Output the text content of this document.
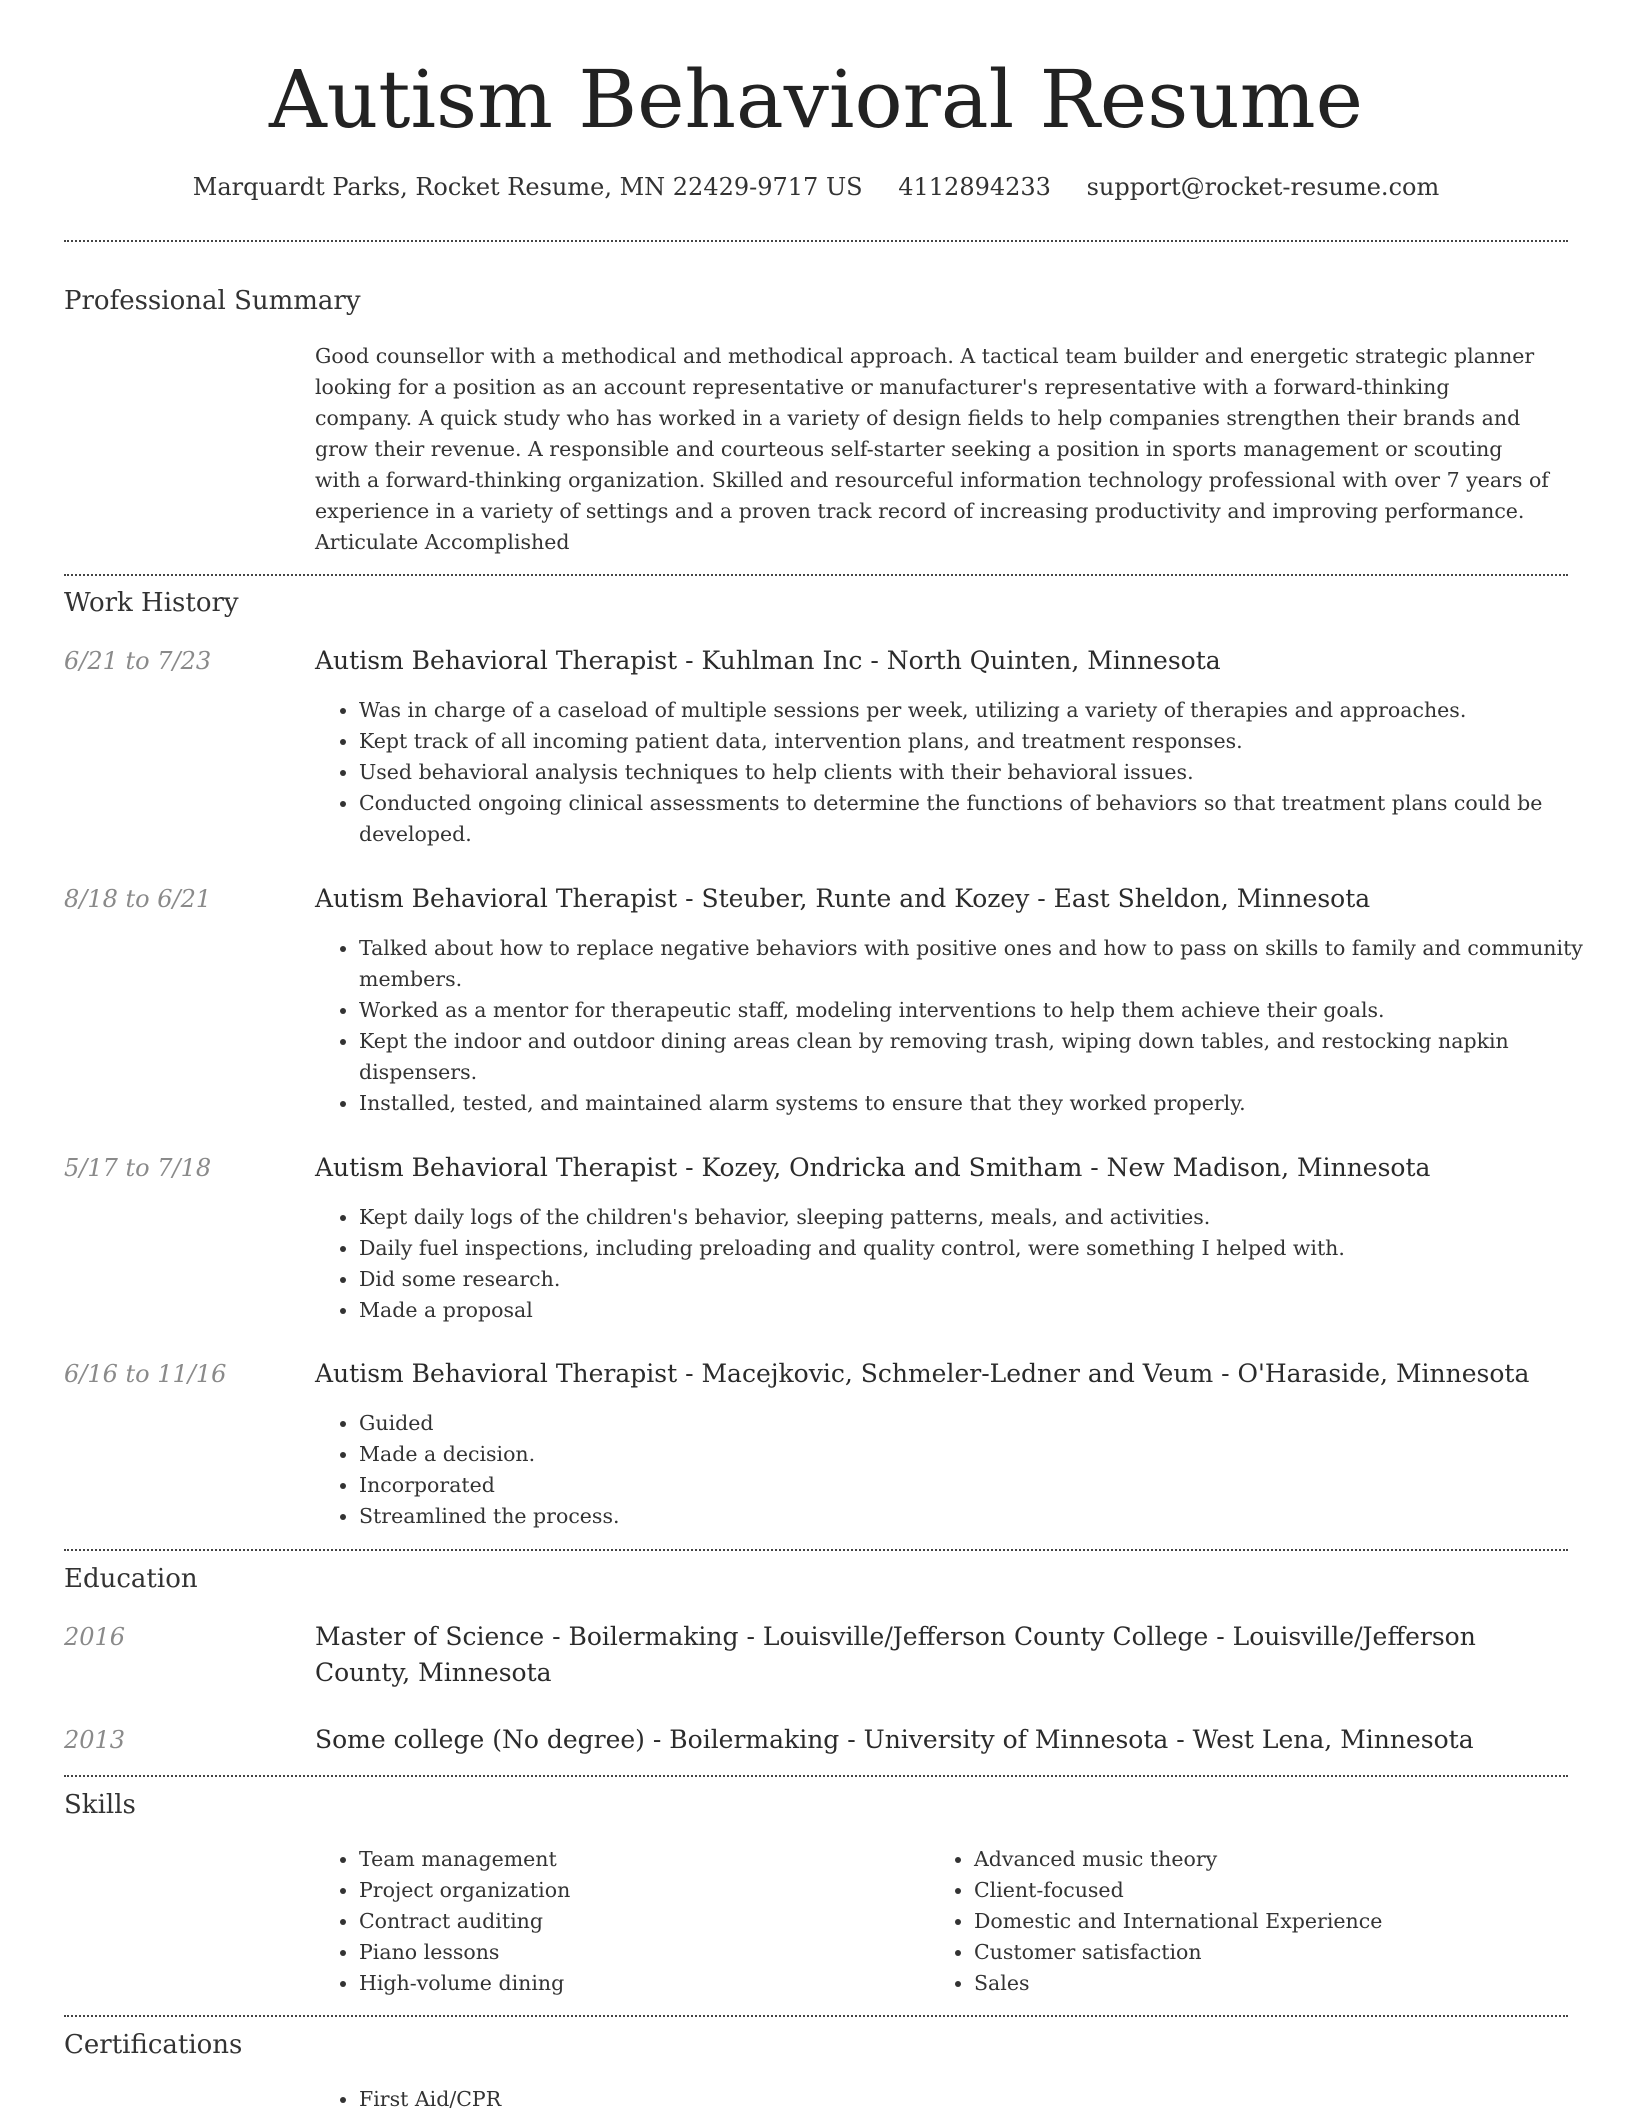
Autism Behavioral Resume
Marquardt Parks, Rocket Resume, MN 22429-9717 US 4112894233 support@rocket-resume.com
Professional Summary

Good counsellor with a methodical and methodical approach. A tactical team builder and energetic strategic planner looking for a position as an account representative or manufacturer's representative with a forward-thinking company. A quick study who has worked in a variety of design fields to help companies strengthen their brands and grow their revenue. A responsible and courteous self-starter seeking a position in sports management or scouting with a forward-thinking organization. Skilled and resourceful information technology professional with over 7 years of experience in a variety of settings and a proven track record of increasing productivity and improving performance. Articulate Accomplished

Work History
6/21 to 7/23	Autism Behavioral Therapist - Kuhlman Inc - North Quinten, Minnesota
• Was in charge of a caseload of multiple sessions per week, utilizing a variety of therapies and approaches.
• Kept track of all incoming patient data, intervention plans, and treatment responses.
• Used behavioral analysis techniques to help clients with their behavioral issues.
• Conducted ongoing clinical assessments to determine the functions of behaviors so that treatment plans could be developed.
8/18 to 6/21	Autism Behavioral Therapist - Steuber, Runte and Kozey - East Sheldon, Minnesota
• Talked about how to replace negative behaviors with positive ones and how to pass on skills to family and community members.
• Worked as a mentor for therapeutic staff, modeling interventions to help them achieve their goals.
• Kept the indoor and outdoor dining areas clean by removing trash, wiping down tables, and restocking napkin dispensers.
• Installed, tested, and maintained alarm systems to ensure that they worked properly.
5/17 to 7/18	Autism Behavioral Therapist - Kozey, Ondricka and Smitham - New Madison, Minnesota
• Kept daily logs of the children's behavior, sleeping patterns, meals, and activities.
• Daily fuel inspections, including preloading and quality control, were something I helped with.
• Did some research.
• Made a proposal
6/16 to 11/16	Autism Behavioral Therapist - Macejkovic, Schmeler-Ledner and Veum - O'Haraside, Minnesota
• Guided
• Made a decision.
• Incorporated
• Streamlined the process.
Education
2016	Master of Science - Boilermaking - Louisville/Jefferson County College - Louisville/Jefferson County, Minnesota
2013	Some college (No degree) - Boilermaking - University of Minnesota - West Lena, Minnesota
Skills
• Team management
• Project organization
• Contract auditing
• Piano lessons
• High-volume dining
• Advanced music theory
• Client-focused
• Domestic and International Experience
• Customer satisfaction
• Sales
Certifications
• First Aid/CPR
